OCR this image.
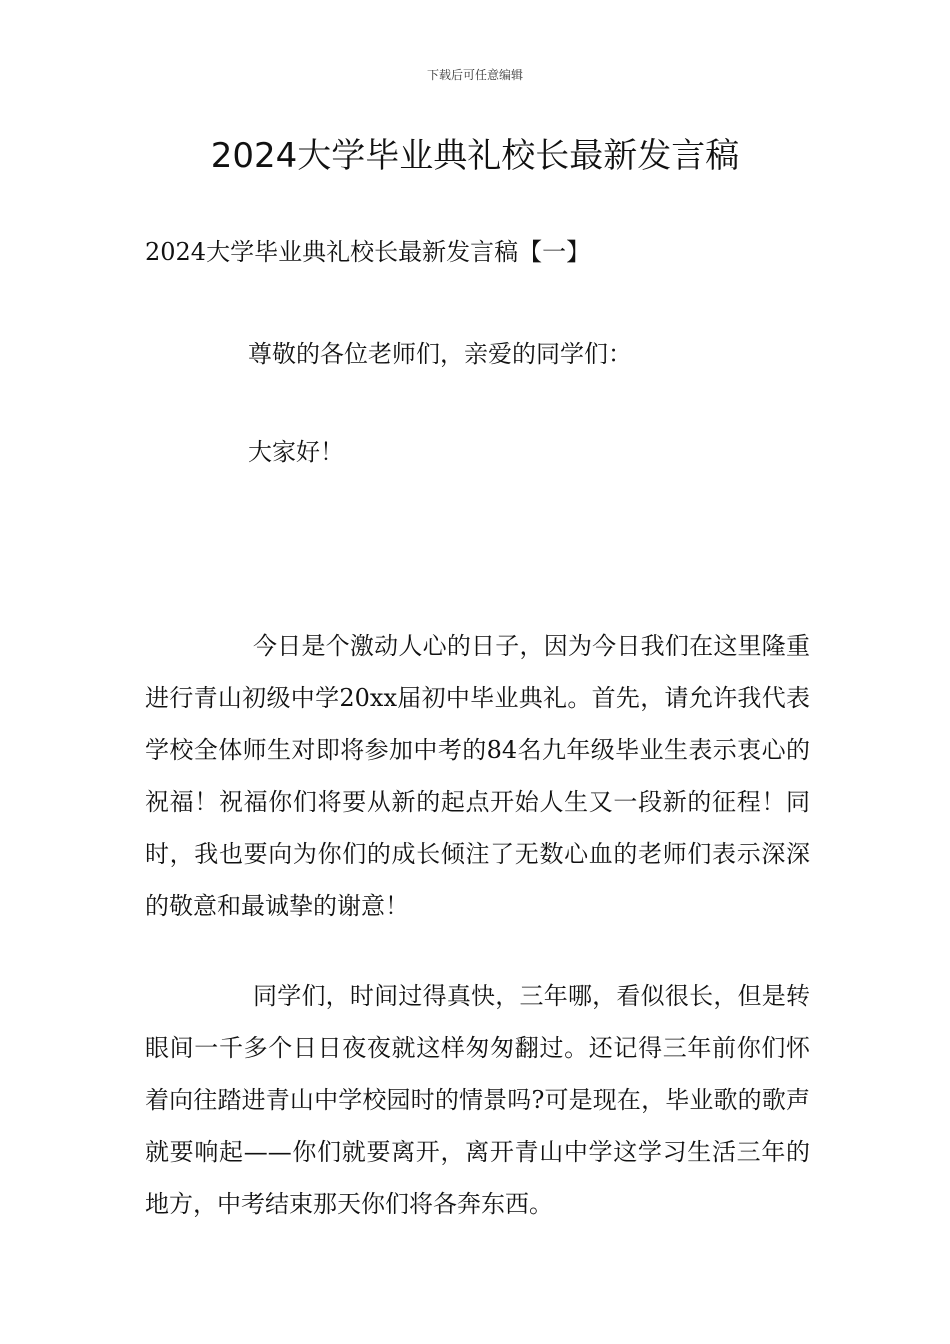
下载后可任意编辑
2024大学毕业典礼校长最新发言稿
2024大学毕业典礼校长最新发言稿【一】
尊敬的各位老师们，亲爱的同学们：
大家好！

今日是个激动人心的日子，因为今日我们在这里隆重进行青山初级中学20xx届初中毕业典礼。首先，请允许我代表学校全体师生对即将参加中考的84名九年级毕业生表示衷心的祝福！祝福你们将要从新的起点开始人生又一段新的征程！同时，我也要向为你们的成长倾注了无数心血的老师们表示深深的敬意和最诚挚的谢意！

同学们，时间过得真快，三年哪，看似很长，但是转眼间一千多个日日夜夜就这样匆匆翻过。还记得三年前你们怀着向往踏进青山中学校园时的情景吗?可是现在，毕业歌的歌声就要响起——你们就要离开，离开青山中学这学习生活三年的地方，中考结束那天你们将各奔东西。
